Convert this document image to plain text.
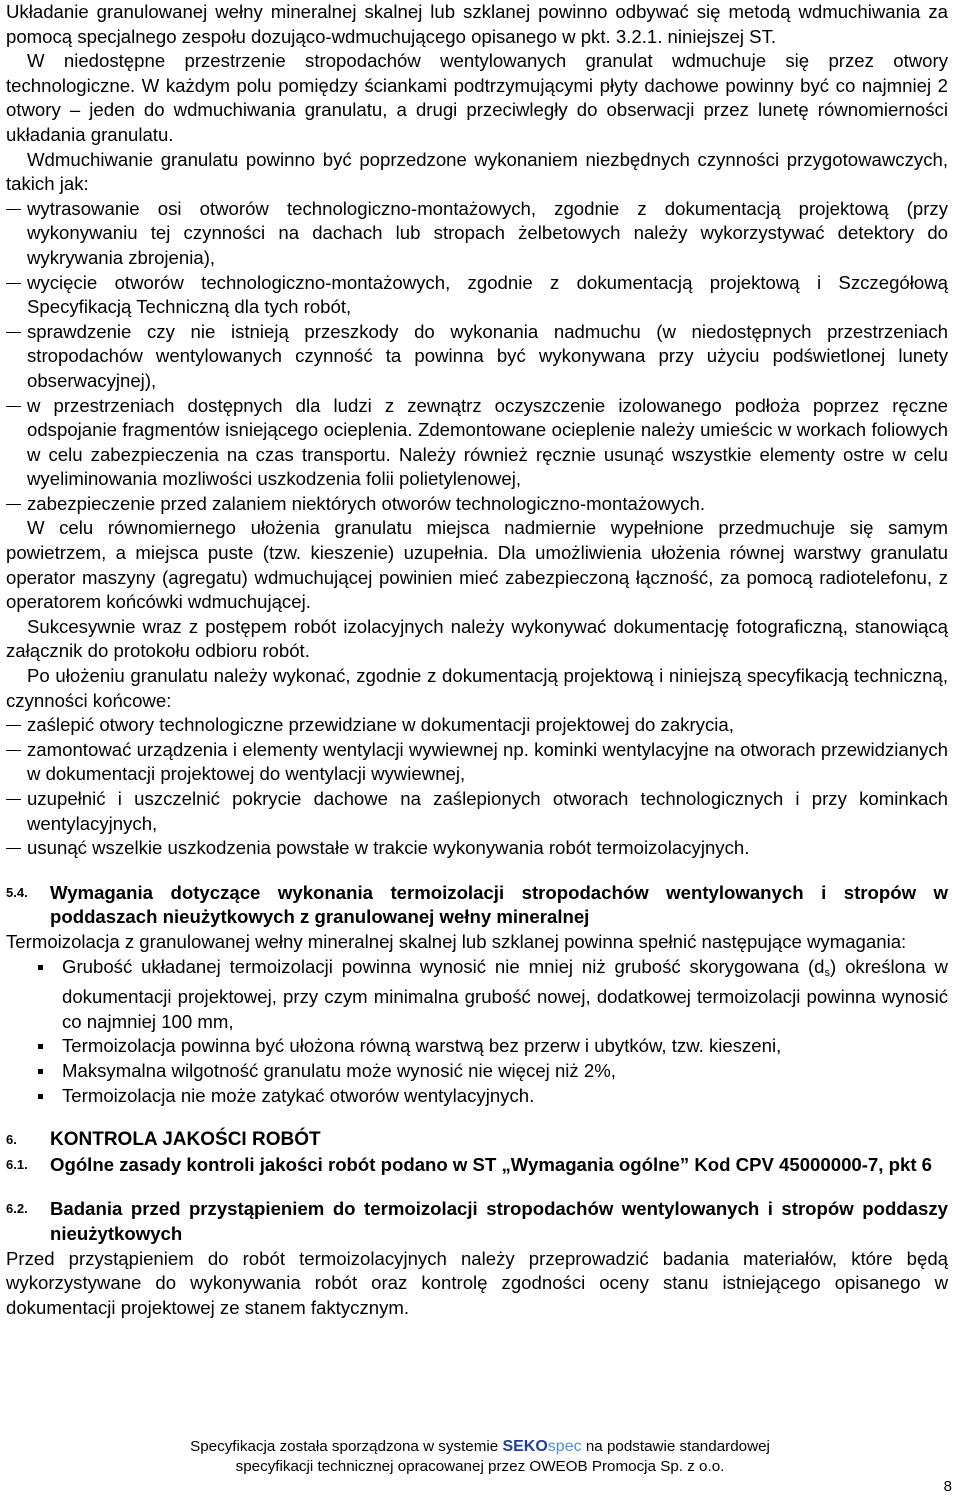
Układanie granulowanej wełny mineralnej skalnej lub szklanej powinno odbywać się metodą wdmuchiwania za pomocą specjalnego zespołu dozująco-wdmuchującego opisanego w pkt. 3.2.1. niniejszej ST.

W niedostępne przestrzenie stropodachów wentylowanych granulat wdmuchuje się przez otwory technologiczne. W każdym polu pomiędzy ściankami podtrzymującymi płyty dachowe powinny być co najmniej 2 otwory – jeden do wdmuchiwania granulatu, a drugi przeciwległy do obserwacji przez lunetę równomierności układania granulatu.

Wdmuchiwanie granulatu powinno być poprzedzone wykonaniem niezbędnych czynności przygotowawczych, takich jak:

wytrasowanie osi otworów technologiczno-montażowych, zgodnie z dokumentacją projektową (przy wykonywaniu tej czynności na dachach lub stropach żelbetowych należy wykorzystywać detektory do wykrywania zbrojenia),
wycięcie otworów technologiczno-montażowych, zgodnie z dokumentacją projektową i Szczegółową Specyfikacją Techniczną dla tych robót,
sprawdzenie czy nie istnieją przeszkody do wykonania nadmuchu (w niedostępnych przestrzeniach stropodachów wentylowanych czynność ta powinna być wykonywana przy użyciu podświetlonej lunety obserwacyjnej),
w przestrzeniach dostępnych dla ludzi z zewnątrz oczyszczenie izolowanego podłoża poprzez ręczne odspojanie fragmentów isniejącego ocieplenia. Zdemontowane ocieplenie należy umieścic w workach foliowych w celu zabezpieczenia na czas transportu. Należy również ręcznie usunąć wszystkie elementy ostre w celu wyeliminowania mozliwości uszkodzenia folii polietylenowej,
zabezpieczenie przed zalaniem niektórych otworów technologiczno-montażowych.

W celu równomiernego ułożenia granulatu miejsca nadmiernie wypełnione przedmuchuje się samym powietrzem, a miejsca puste (tzw. kieszenie) uzupełnia. Dla umożliwienia ułożenia równej warstwy granulatu operator maszyny (agregatu) wdmuchującej powinien mieć zabezpieczoną łączność, za pomocą radiotelefonu, z operatorem końcówki wdmuchującej.

Sukcesywnie wraz z postępem robót izolacyjnych należy wykonywać dokumentację fotograficzną, stanowiącą załącznik do protokołu odbioru robót.

Po ułożeniu granulatu należy wykonać, zgodnie z dokumentacją projektową i niniejszą specyfikacją techniczną, czynności końcowe:

zaślepić otwory technologiczne przewidziane w dokumentacji projektowej do zakrycia,
zamontować urządzenia i elementy wentylacji wywiewnej np. kominki wentylacyjne na otworach przewidzianych w dokumentacji projektowej do wentylacji wywiewnej,
uzupełnić i uszczelnić pokrycie dachowe na zaślepionych otworach technologicznych i przy kominkach wentylacyjnych,
usunąć wszelkie uszkodzenia powstałe w trakcie wykonywania robót termoizolacyjnych.
5.4.	Wymagania dotyczące wykonania termoizolacji stropodachów wentylowanych i stropów w poddaszach nieużytkowych z granulowanej wełny mineralnej

Termoizolacja z granulowanej wełny mineralnej skalnej lub szklanej powinna spełnić następujące wymagania:

Grubość układanej termoizolacji powinna wynosić nie mniej niż grubość skorygowana $(d_s)$ określona w dokumentacji projektowej, przy czym minimalna grubość nowej, dodatkowej termoizolacji powinna wynosić co najmniej 100 mm,
Termoizolacja powinna być ułożona równą warstwą bez przerw i ubytków, tzw. kieszeni,
Maksymalna wilgotność granulatu może wynosić nie więcej niż 2%,
Termoizolacja nie może zatykać otworów wentylacyjnych.
6.	KONTROLA JAKOŚCI ROBÓT
6.1.	Ogólne zasady kontroli jakości robót podano w ST „Wymagania ogólne” Kod CPV 45000000-7, pkt 6
6.2.	Badania przed przystąpieniem do termoizolacji stropodachów wentylowanych i stropów poddaszy nieużytkowych

Przed przystąpieniem do robót termoizolacyjnych należy przeprowadzić badania materiałów, które będą wykorzystywane do wykonywania robót oraz kontrolę zgodności oceny stanu istniejącego opisanego w dokumentacji projektowej ze stanem faktycznym.

Specyfikacja została sporządzona w systemie SEKOspec na podstawie standardowej
specyfikacji technicznej opracowanej przez OWEOB Promocja Sp. z o.o.
8
